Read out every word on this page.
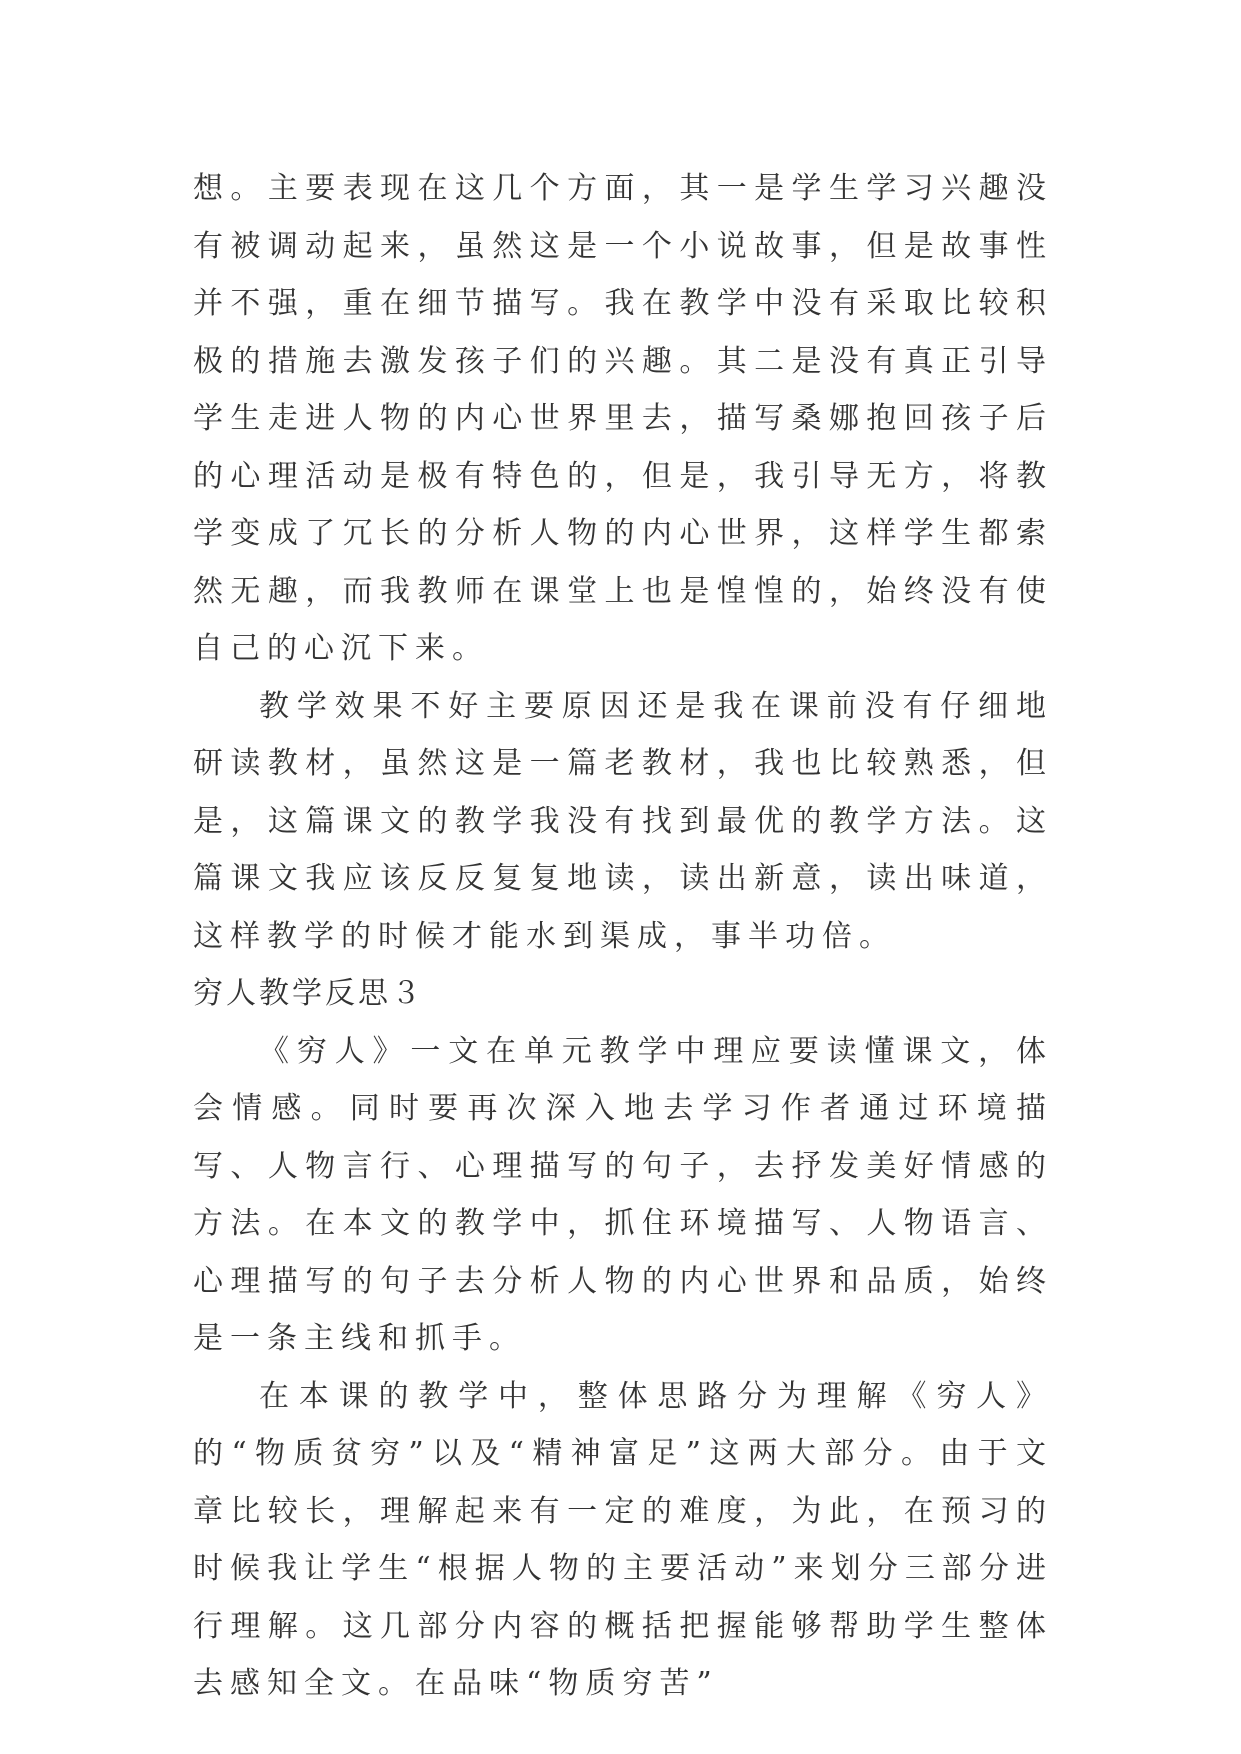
想。主要表现在这几个方面，其一是学生学习兴趣没有被调动起来，虽然这是一个小说故事，但是故事性并不强，重在细节描写。我在教学中没有采取比较积极的措施去激发孩子们的兴趣。其二是没有真正引导学生走进人物的内心世界里去，描写桑娜抱回孩子后的心理活动是极有特色的，但是，我引导无方，将教学变成了冗长的分析人物的内心世界，这样学生都索然无趣，而我教师在课堂上也是惶惶的，始终没有使自己的心沉下来。

教学效果不好主要原因还是我在课前没有仔细地研读教材，虽然这是一篇老教材，我也比较熟悉，但是，这篇课文的教学我没有找到最优的教学方法。这篇课文我应该反反复复地读，读出新意，读出味道，这样教学的时候才能水到渠成，事半功倍。

穷人教学反思３

《穷人》一文在单元教学中理应要读懂课文，体会情感。同时要再次深入地去学习作者通过环境描写、人物言行、心理描写的句子，去抒发美好情感的方法。在本文的教学中，抓住环境描写、人物语言、心理描写的句子去分析人物的内心世界和品质，始终是一条主线和抓手。

在本课的教学中，整体思路分为理解《穷人》的“物质贫穷”以及“精神富足”这两大部分。由于文章比较长，理解起来有一定的难度，为此，在预习的时候我让学生“根据人物的主要活动”来划分三部分进行理解。这几部分内容的概括把握能够帮助学生整体去感知全文。在品味“物质穷苦”
